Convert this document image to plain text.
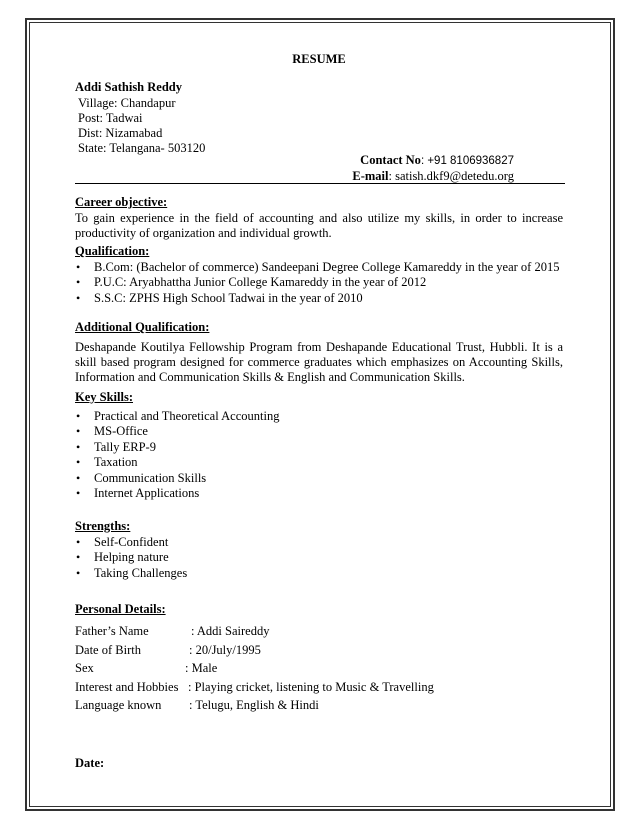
RESUME
Addi Sathish Reddy
Village: Chandapur
Post: Tadwai
Dist: Nizamabad
State: Telangana- 503120
Contact No: +91 8106936827
E-mail: satish.dkf9@detedu.org
Career objective:
To gain experience in the field of accounting and also utilize my skills, in order to increase productivity of organization and individual growth.
Qualification:
• B.Com: (Bachelor of commerce) Sandeepani Degree College Kamareddy in the year of 2015
• P.U.C: Aryabhattha Junior College Kamareddy in the year of 2012
• S.S.C: ZPHS High School Tadwai in the year of 2010
Additional Qualification:
Deshapande Koutilya Fellowship Program from Deshapande Educational Trust, Hubbli. It is a skill based program designed for commerce graduates which emphasizes on Accounting Skills, Information and Communication Skills & English and Communication Skills.
Key Skills:
• Practical and Theoretical Accounting
• MS-Office
• Tally ERP-9
• Taxation
• Communication Skills
• Internet Applications
Strengths:
• Self-Confident
• Helping nature
• Taking Challenges
Personal Details:
Father’s Name	: Addi Saireddy
Date of Birth	: 20/July/1995
Sex	: Male
Interest and Hobbies : Playing cricket, listening to Music & Travelling
Language known : Telugu, English & Hindi
Date:
